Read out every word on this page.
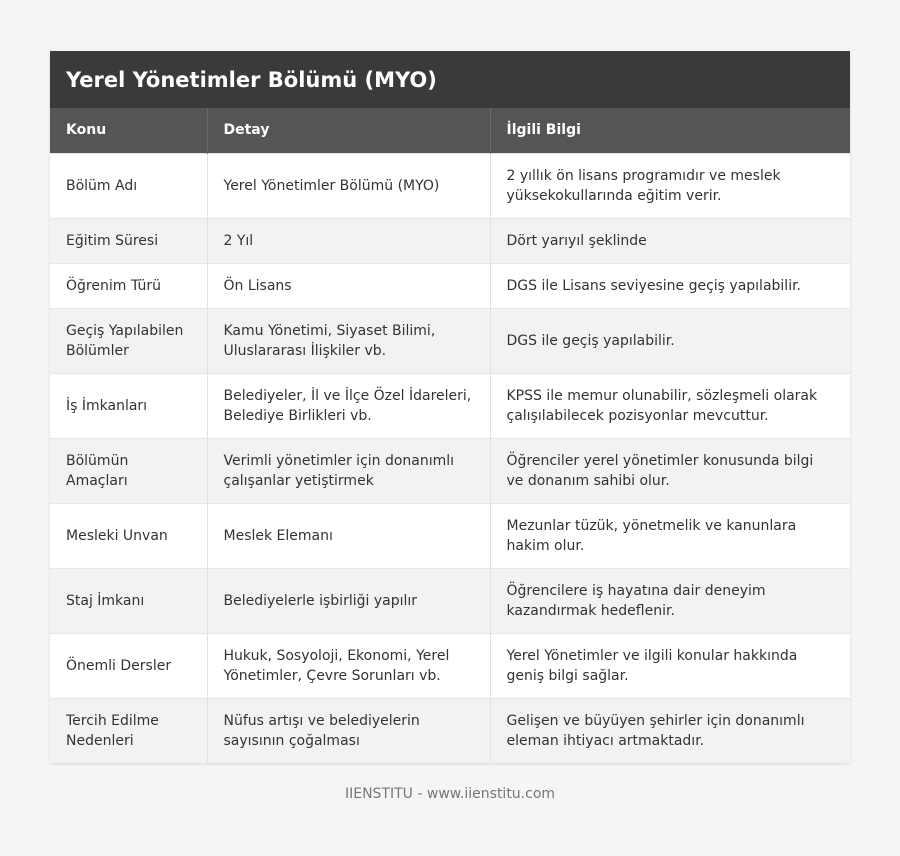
Yerel Yönetimler Bölümü (MYO)
Konu	Detay	İlgili Bilgi
Bölüm Adı	Yerel Yönetimler Bölümü (MYO)	2 yıllık ön lisans programıdır ve meslek yüksekokullarında eğitim verir.
Eğitim Süresi	2 Yıl	Dört yarıyıl şeklinde
Öğrenim Türü	Ön Lisans	DGS ile Lisans seviyesine geçiş yapılabilir.
Geçiş Yapılabilen Bölümler	Kamu Yönetimi, Siyaset Bilimi, Uluslararası İlişkiler vb.	DGS ile geçiş yapılabilir.
İş İmkanları	Belediyeler, İl ve İlçe Özel İdareleri, Belediye Birlikleri vb.	KPSS ile memur olunabilir, sözleşmeli olarak çalışılabilecek pozisyonlar mevcuttur.
Bölümün Amaçları	Verimli yönetimler için donanımlı çalışanlar yetiştirmek	Öğrenciler yerel yönetimler konusunda bilgi ve donanım sahibi olur.
Mesleki Unvan	Meslek Elemanı	Mezunlar tüzük, yönetmelik ve kanunlara hakim olur.
Staj İmkanı	Belediyelerle işbirliği yapılır	Öğrencilere iş hayatına dair deneyim kazandırmak hedeflenir.
Önemli Dersler	Hukuk, Sosyoloji, Ekonomi, Yerel Yönetimler, Çevre Sorunları vb.	Yerel Yönetimler ve ilgili konular hakkında geniş bilgi sağlar.
Tercih Edilme Nedenleri	Nüfus artışı ve belediyelerin sayısının çoğalması	Gelişen ve büyüyen şehirler için donanımlı eleman ihtiyacı artmaktadır.
IIENSTITU - www.iienstitu.com
